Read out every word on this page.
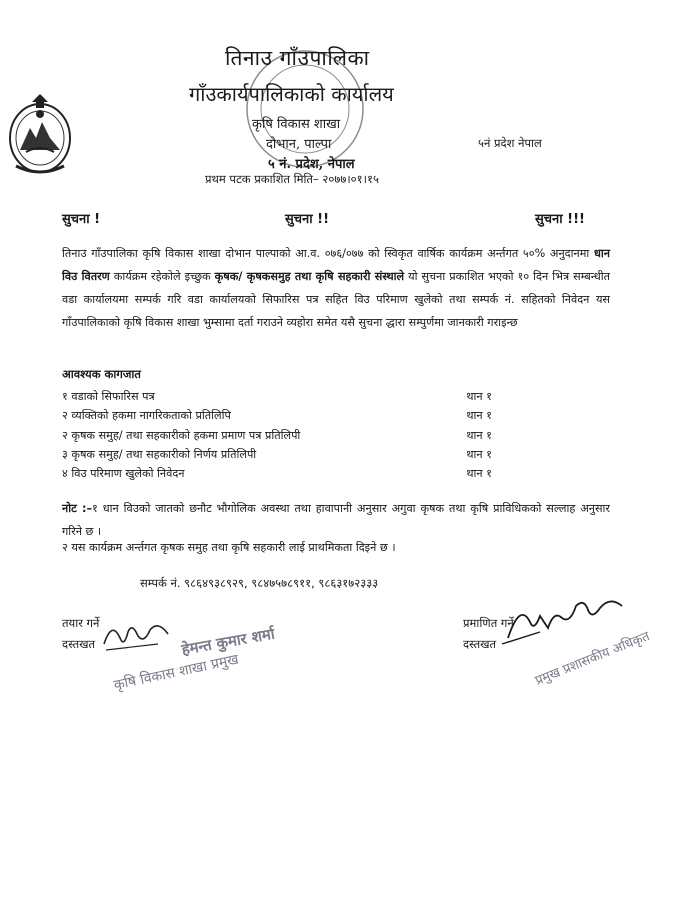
तिनाउ गाँउपालिका
गाँउकार्यपालिकाको कार्यालय
कृषि विकास शाखा
दोभान, पाल्पा
५ नं. प्रदेश, नेपाल
५नं प्रदेश नेपाल
प्रथम पटक प्रकाशित मिति– २०७७।०१।१५
सुचना !	सुचना !!	सुचना !!!
तिनाउ गाँउपालिका कृषि विकास शाखा दोभान पाल्पाको आ.व. ०७६/०७७ को स्विकृत वार्षिक कार्यक्रम अर्न्तगत ५०% अनुदानमा धान विउ वितरण कार्यक्रम रहेकोले इच्छुक कृषक/ कृषकसमुह तथा कृषि सहकारी संस्थाले यो सुचना प्रकाशित भएको १० दिन भित्र सम्बन्धीत वडा कार्यालयमा सम्पर्क गरि वडा कार्यालयको सिफारिस पत्र सहित विउ परिमाण खुलेको तथा सम्पर्क नं. सहितको निवेदन यस गाँउपालिकाको कृषि विकास शाखा भुम्सामा दर्ता गराउने व्यहोरा समेत यसै सुचना द्धारा सम्पुर्णमा जानकारी गराइन्छ
आवश्यक कागजात
१ वडाको सिफारिस पत्र	थान १
२ व्यक्तिको हकमा नागरिकताको प्रतिलिपि	थान १
२ कृषक समुह/ तथा सहकारीको हकमा प्रमाण पत्र प्रतिलिपी	थान १
३ कृषक समुह/ तथा सहकारीको निर्णय प्रतिलिपी	थान १
४ विउ परिमाण खुलेको निवेदन	थान १
नोट :–१ धान विउको जातको छनौट भौगोलिक अवस्था तथा हावापानी अनुसार अगुवा कृषक तथा कृषि प्राविधिकको सल्लाह अनुसार गरिने छ ।
२ यस कार्यक्रम अर्न्तगत कृषक समुह तथा कृषि सहकारी लाई प्राथमिकता दिइने छ ।
सम्पर्क नं. ९८६४९३८९२९, ९८४७५७८९११, ९८६३१७२३३३
तयार गर्ने
दस्तखत	हेमन्त कुमार शर्मा
कृषि विकास शाखा प्रमुख
प्रमाणित गर्ने
दस्तखत	प्रमुख प्रशासकीय अधिकृत
